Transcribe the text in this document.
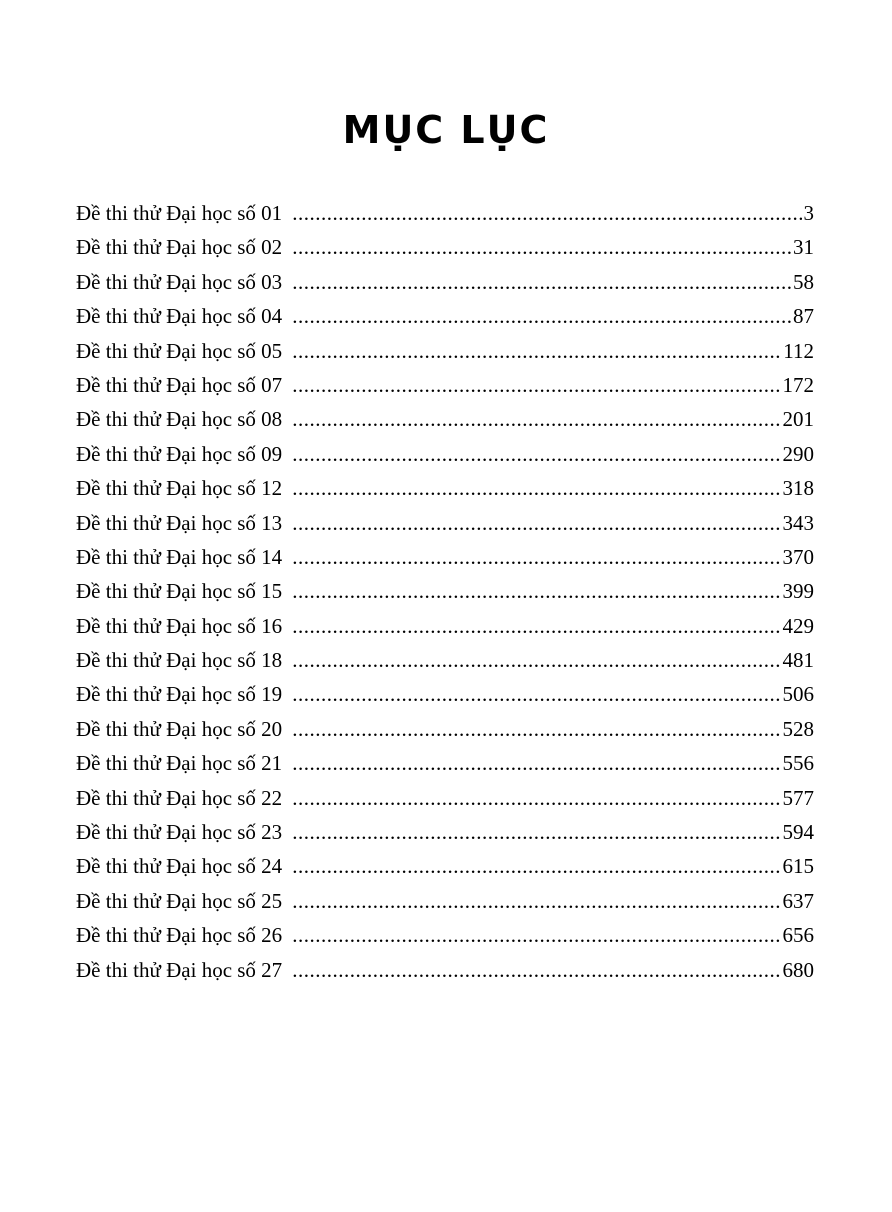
MỤC LỤC
Đề thi thử Đại học số 01 .....	3
Đề thi thử Đại học số 02 .....	31
Đề thi thử Đại học số 03 .....	58
Đề thi thử Đại học số 04 .....	87
Đề thi thử Đại học số 05 .....	112
Đề thi thử Đại học số 07 .....	172
Đề thi thử Đại học số 08 .....	201
Đề thi thử Đại học số 09 .....	290
Đề thi thử Đại học số 12 .....	318
Đề thi thử Đại học số 13 .....	343
Đề thi thử Đại học số 14 .....	370
Đề thi thử Đại học số 15 .....	399
Đề thi thử Đại học số 16 .....	429
Đề thi thử Đại học số 18 .....	481
Đề thi thử Đại học số 19 .....	506
Đề thi thử Đại học số 20 .....	528
Đề thi thử Đại học số 21 .....	556
Đề thi thử Đại học số 22 .....	577
Đề thi thử Đại học số 23 .....	594
Đề thi thử Đại học số 24 .....	615
Đề thi thử Đại học số 25 .....	637
Đề thi thử Đại học số 26 .....	656
Đề thi thử Đại học số 27 .....	680
